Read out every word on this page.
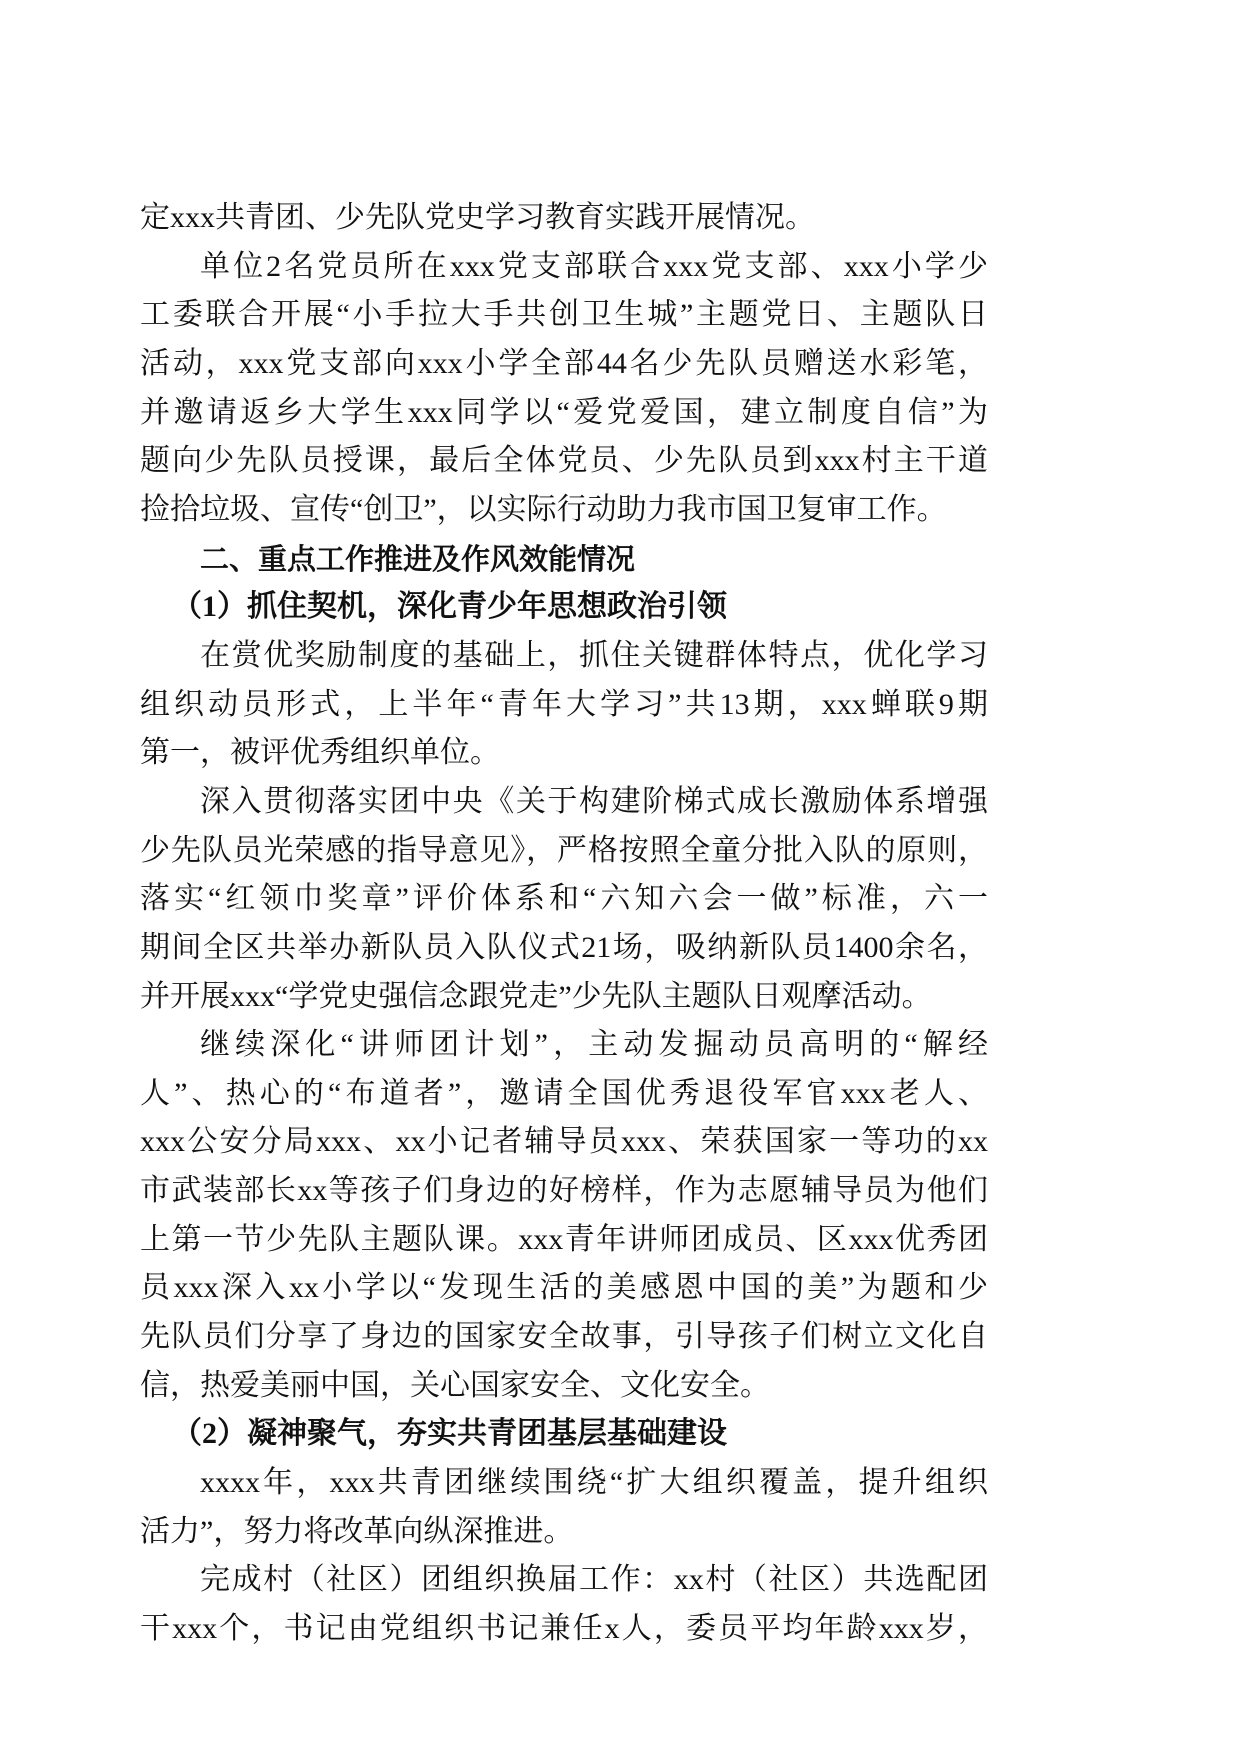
定xxx共青团、少先队党史学习教育实践开展情况。
单位2名党员所在xxx党支部联合xxx党支部、xxx小学少
工委联合开展“小手拉大手共创卫生城”主题党日、主题队日
活动，xxx党支部向xxx小学全部44名少先队员赠送水彩笔，
并邀请返乡大学生xxx同学以“爱党爱国，建立制度自信”为
题向少先队员授课，最后全体党员、少先队员到xxx村主干道
捡拾垃圾、宣传“创卫”，以实际行动助力我市国卫复审工作。
二、重点工作推进及作风效能情况
（1）抓住契机，深化青少年思想政治引领
在赏优奖励制度的基础上，抓住关键群体特点，优化学习
组织动员形式，上半年“青年大学习”共13期，xxx蝉联9期
第一，被评优秀组织单位。
深入贯彻落实团中央《关于构建阶梯式成长激励体系增强
少先队员光荣感的指导意见》，严格按照全童分批入队的原则，
落实“红领巾奖章”评价体系和“六知六会一做”标准，六一
期间全区共举办新队员入队仪式21场，吸纳新队员1400余名，
并开展xxx“学党史强信念跟党走”少先队主题队日观摩活动。
继续深化“讲师团计划”，主动发掘动员高明的“解经
人”、热心的“布道者”，邀请全国优秀退役军官xxx老人、
xxx公安分局xxx、xx小记者辅导员xxx、荣获国家一等功的xx
市武装部长xx等孩子们身边的好榜样，作为志愿辅导员为他们
上第一节少先队主题队课。xxx青年讲师团成员、区xxx优秀团
员xxx深入xx小学以“发现生活的美感恩中国的美”为题和少
先队员们分享了身边的国家安全故事，引导孩子们树立文化自
信，热爱美丽中国，关心国家安全、文化安全。
（2）凝神聚气，夯实共青团基层基础建设
xxxx年，xxx共青团继续围绕“扩大组织覆盖，提升组织
活力”，努力将改革向纵深推进。
完成村（社区）团组织换届工作：xx村（社区）共选配团
干xxx个，书记由党组织书记兼任x人，委员平均年龄xxx岁，
